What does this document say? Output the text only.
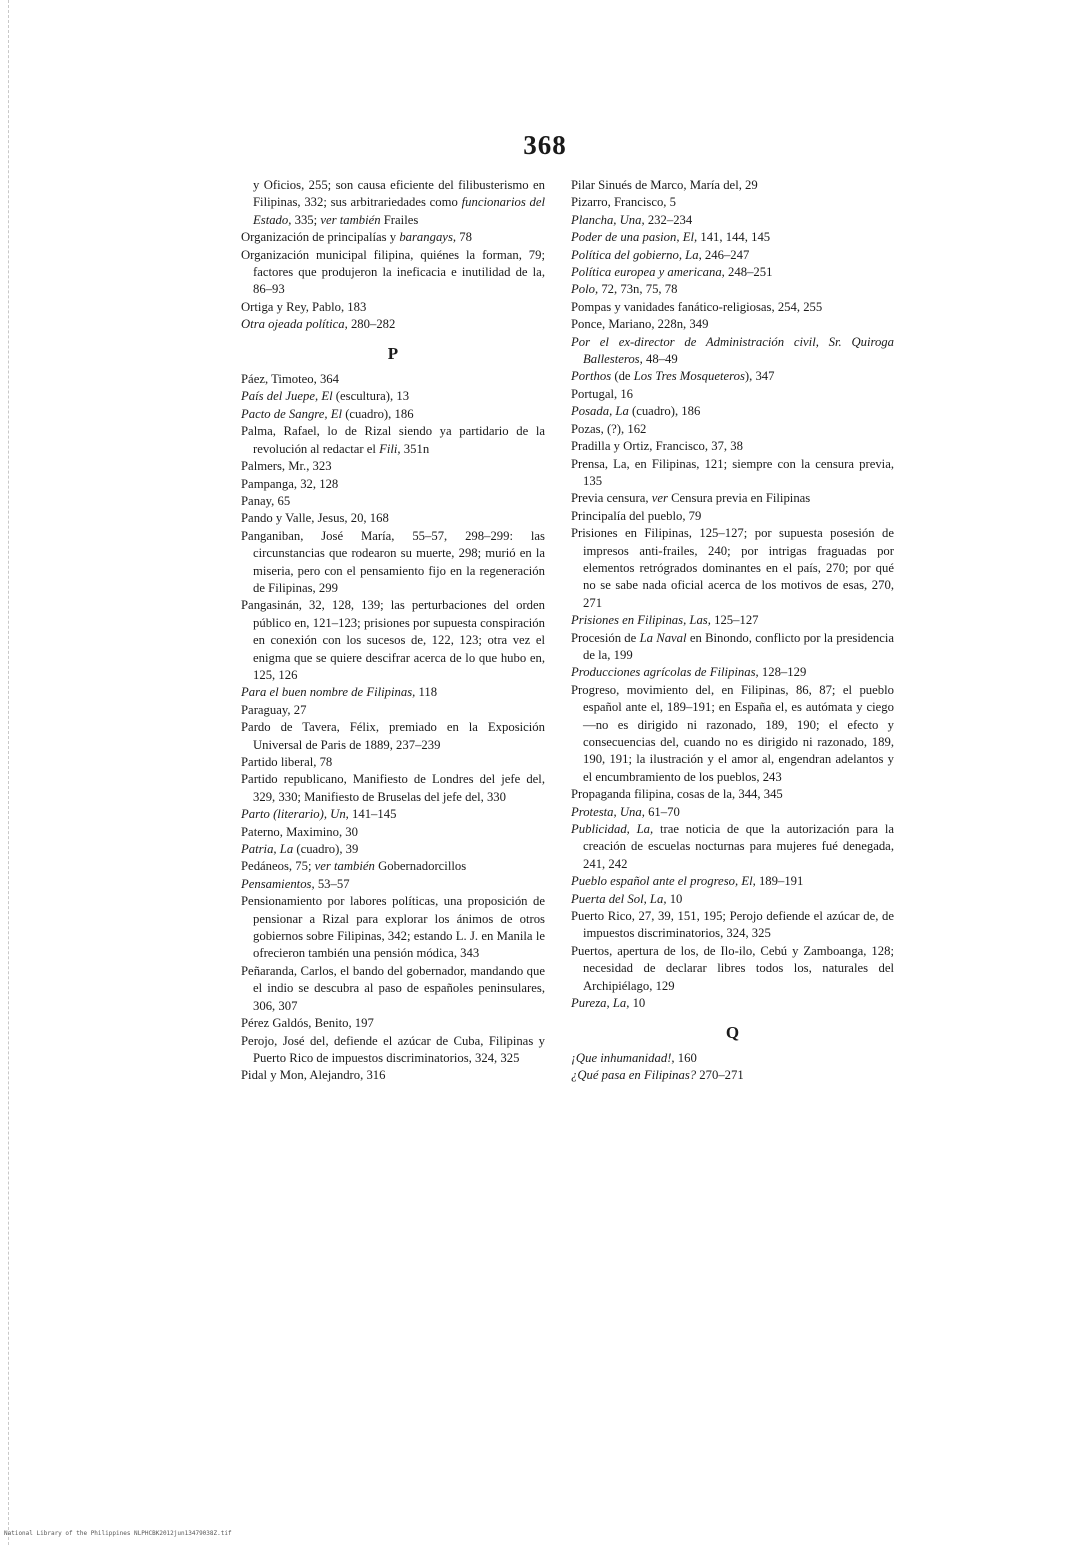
368

y Oficios, 255; son causa eficiente del filibusterismo en Filipinas, 332; sus arbitrariedades como funcionarios del Estado, 335; ver también Frailes

Organización de principalías y barangays, 78

Organización municipal filipina, quiénes la forman, 79; factores que produjeron la ineficacia e inutilidad de la, 86–93

Ortiga y Rey, Pablo, 183

Otra ojeada política, 280–282

P

Páez, Timoteo, 364

País del Juepe, El (escultura), 13

Pacto de Sangre, El (cuadro), 186

Palma, Rafael, lo de Rizal siendo ya partidario de la revolución al redactar el Fili, 351n

Palmers, Mr., 323

Pampanga, 32, 128

Panay, 65

Pando y Valle, Jesus, 20, 168

Panganiban, José María, 55–57, 298–299: las circunstancias que rodearon su muerte, 298; murió en la miseria, pero con el pensamiento fijo en la regeneración de Filipinas, 299

Pangasinán, 32, 128, 139; las perturbaciones del orden público en, 121–123; prisiones por supuesta conspiración en conexión con los sucesos de, 122, 123; otra vez el enigma que se quiere descifrar acerca de lo que hubo en, 125, 126

Para el buen nombre de Filipinas, 118

Paraguay, 27

Pardo de Tavera, Félix, premiado en la Exposición Universal de Paris de 1889, 237–239

Partido liberal, 78

Partido republicano, Manifiesto de Londres del jefe del, 329, 330; Manifiesto de Bruselas del jefe del, 330

Parto (literario), Un, 141–145

Paterno, Maximino, 30

Patria, La (cuadro), 39

Pedáneos, 75; ver también Gobernadorcillos

Pensamientos, 53–57

Pensionamiento por labores políticas, una proposición de pensionar a Rizal para explorar los ánimos de otros gobiernos sobre Filipinas, 342; estando L. J. en Manila le ofrecieron también una pensión módica, 343

Peñaranda, Carlos, el bando del gobernador, mandando que el indio se descubra al paso de españoles peninsulares, 306, 307

Pérez Galdós, Benito, 197

Perojo, José del, defiende el azúcar de Cuba, Filipinas y Puerto Rico de impuestos discriminatorios, 324, 325

Pidal y Mon, Alejandro, 316

Pilar Sinués de Marco, María del, 29

Pizarro, Francisco, 5

Plancha, Una, 232–234

Poder de una pasion, El, 141, 144, 145

Política del gobierno, La, 246–247

Política europea y americana, 248–251

Polo, 72, 73n, 75, 78

Pompas y vanidades fanático-religiosas, 254, 255

Ponce, Mariano, 228n, 349

Por el ex-director de Administración civil, Sr. Quiroga Ballesteros, 48–49

Porthos (de Los Tres Mosqueteros), 347

Portugal, 16

Posada, La (cuadro), 186

Pozas, (?), 162

Pradilla y Ortiz, Francisco, 37, 38

Prensa, La, en Filipinas, 121; siempre con la censura previa, 135

Previa censura, ver Censura previa en Filipinas

Principalía del pueblo, 79

Prisiones en Filipinas, 125–127; por supuesta posesión de impresos anti-frailes, 240; por intrigas fraguadas por elementos retrógrados dominantes en el país, 270; por qué no se sabe nada oficial acerca de los motivos de esas, 270, 271

Prisiones en Filipinas, Las, 125–127

Procesión de La Naval en Binondo, conflicto por la presidencia de la, 199

Producciones agrícolas de Filipinas, 128–129

Progreso, movimiento del, en Filipinas, 86, 87; el pueblo español ante el, 189–191; en España el, es autómata y ciego—no es dirigido ni razonado, 189, 190; el efecto y consecuencias del, cuando no es dirigido ni razonado, 189, 190, 191; la ilustración y el amor al, engendran adelantos y el encumbramiento de los pueblos, 243

Propaganda filipina, cosas de la, 344, 345

Protesta, Una, 61–70

Publicidad, La, trae noticia de que la autorización para la creación de escuelas nocturnas para mujeres fué denegada, 241, 242

Pueblo español ante el progreso, El, 189–191

Puerta del Sol, La, 10

Puerto Rico, 27, 39, 151, 195; Perojo defiende el azúcar de, de impuestos discriminatorios, 324, 325

Puertos, apertura de los, de Ilo-ilo, Cebú y Zamboanga, 128; necesidad de declarar libres todos los, naturales del Archipiélago, 129

Pureza, La, 10

Q

¡Que inhumanidad!, 160

¿Qué pasa en Filipinas? 270–271

National Library of the Philippines NLPHCBK2012jun13479038Z.tif
